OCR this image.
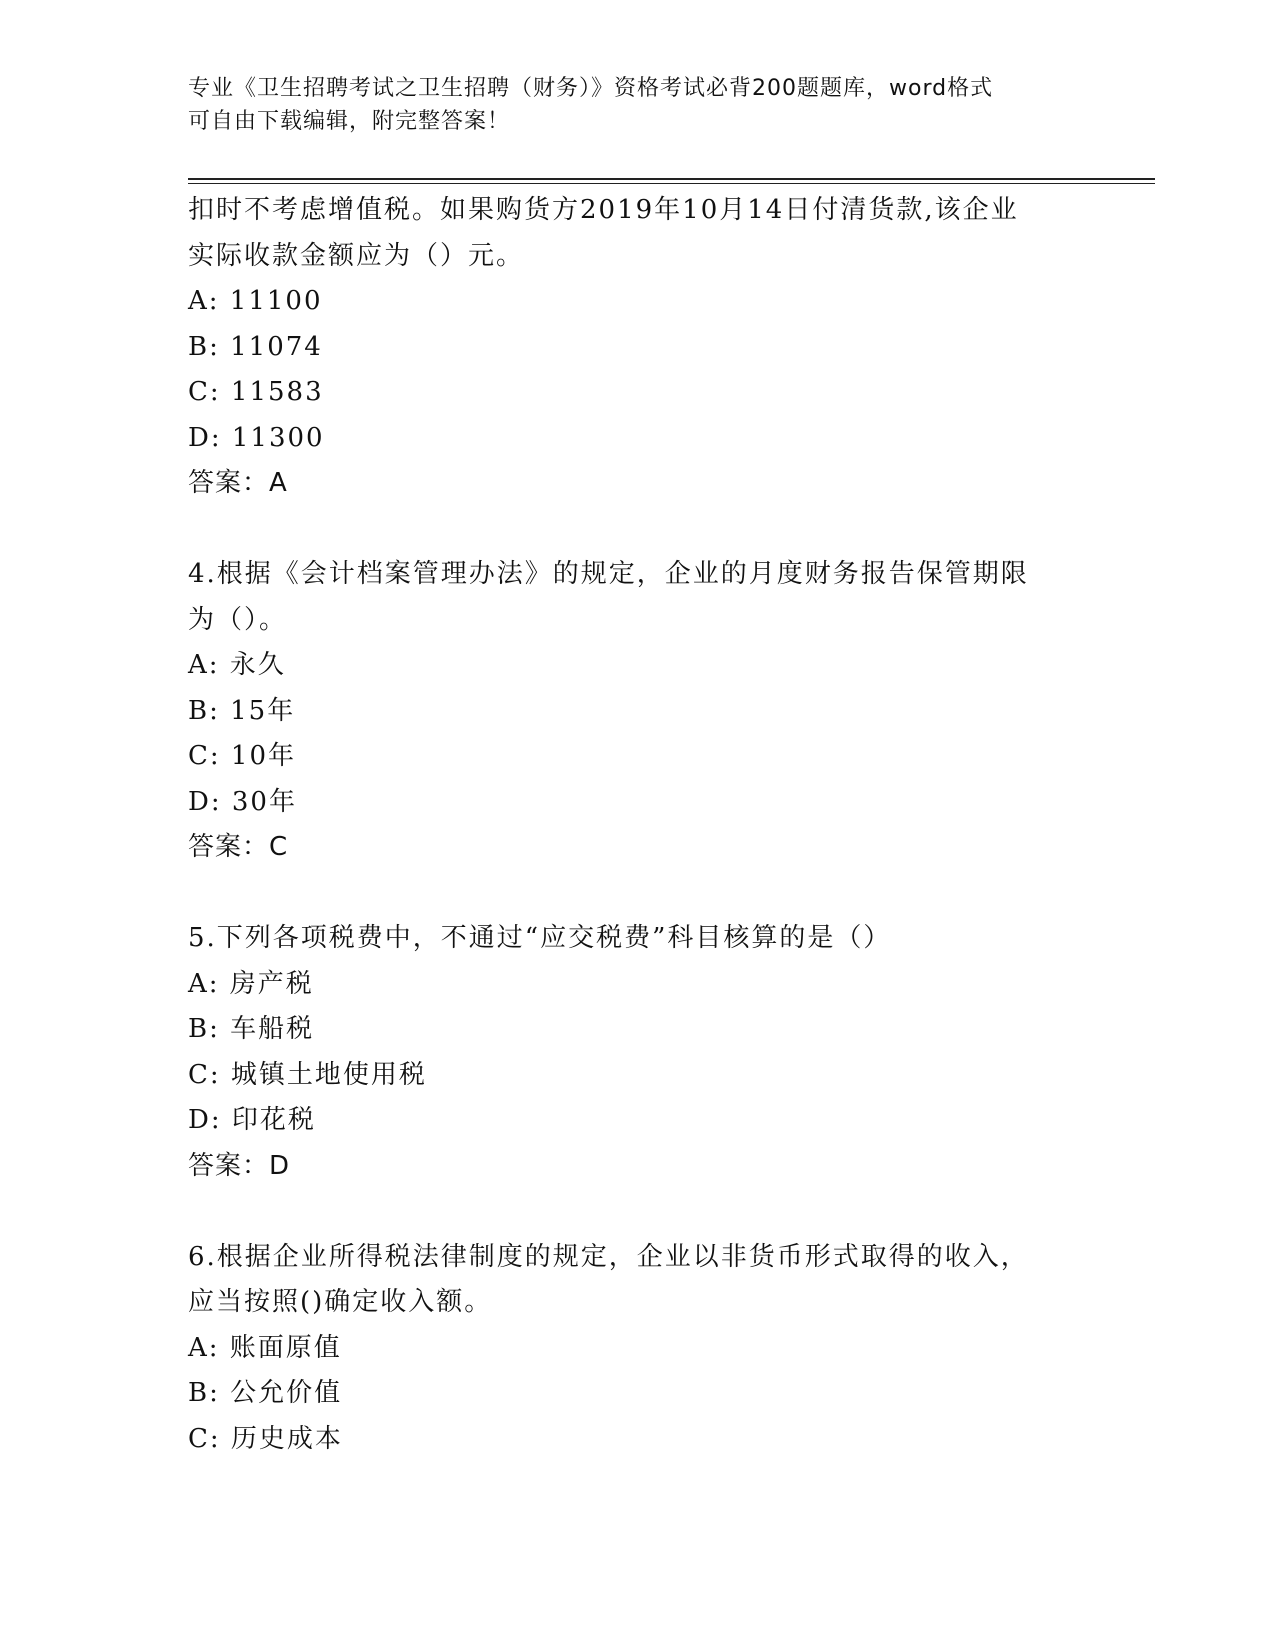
专业《卫生招聘考试之卫生招聘（财务）》资格考试必背200题题库，word格式
可自由下载编辑，附完整答案！
扣时不考虑增值税。如果购货方2019年10月14日付清货款,该企业
实际收款金额应为（）元。
A: 11100
B: 11074
C: 11583
D: 11300
答案：A
4.根据《会计档案管理办法》的规定，企业的月度财务报告保管期限
为（）。
A: 永久
B: 15年
C: 10年
D: 30年
答案：C
5.下列各项税费中，不通过“应交税费”科目核算的是（）
A: 房产税
B: 车船税
C: 城镇土地使用税
D: 印花税
答案：D
6.根据企业所得税法律制度的规定，企业以非货币形式取得的收入，
应当按照()确定收入额。
A: 账面原值
B: 公允价值
C: 历史成本
